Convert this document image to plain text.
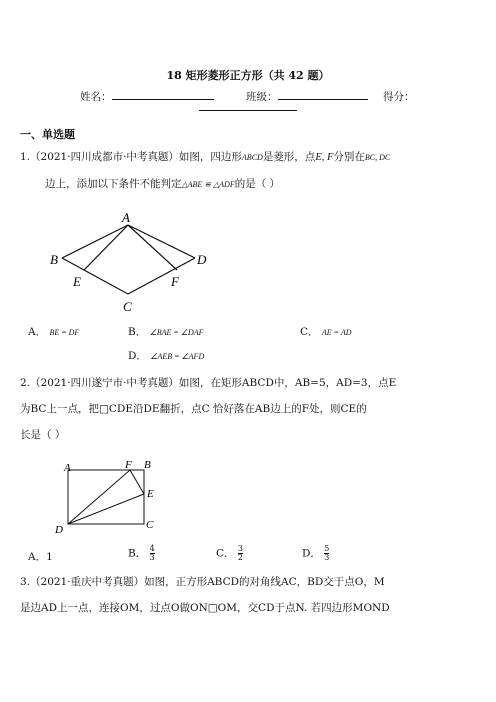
18 矩形菱形正方形（共 42 题）
姓名：	班级：	得分：
一、单选题
1.（2021·四川成都市·中考真题）如图，四边形ABCD是菱形，点E, F分别在BC, DC
边上，添加以下条件不能判定△ABE ≌ △ADF的是（ ）
A
B	D
E	F
C
A． BE = DF	B． ∠BAE = ∠DAF	C． AE = AD
D． ∠AEB = ∠AFD
2.（2021·四川遂宁市·中考真题）如图，在矩形ABCD中，AB=5，AD=3，点E
为BC上一点，把□CDE沿DE翻折，点C 恰好落在AB边上的F处，则CE的
长是（ ）
A	F B
E
D	C
A．1	B． $\frac{4}{3}$	C． $\frac{3}{2}$	D． $\frac{5}{3}$
3.（2021·重庆中考真题）如图，正方形ABCD的对角线AC，BD交于点O，M
是边AD上一点，连接OM，过点O做ON□OM，交CD于点N. 若四边形MOND
